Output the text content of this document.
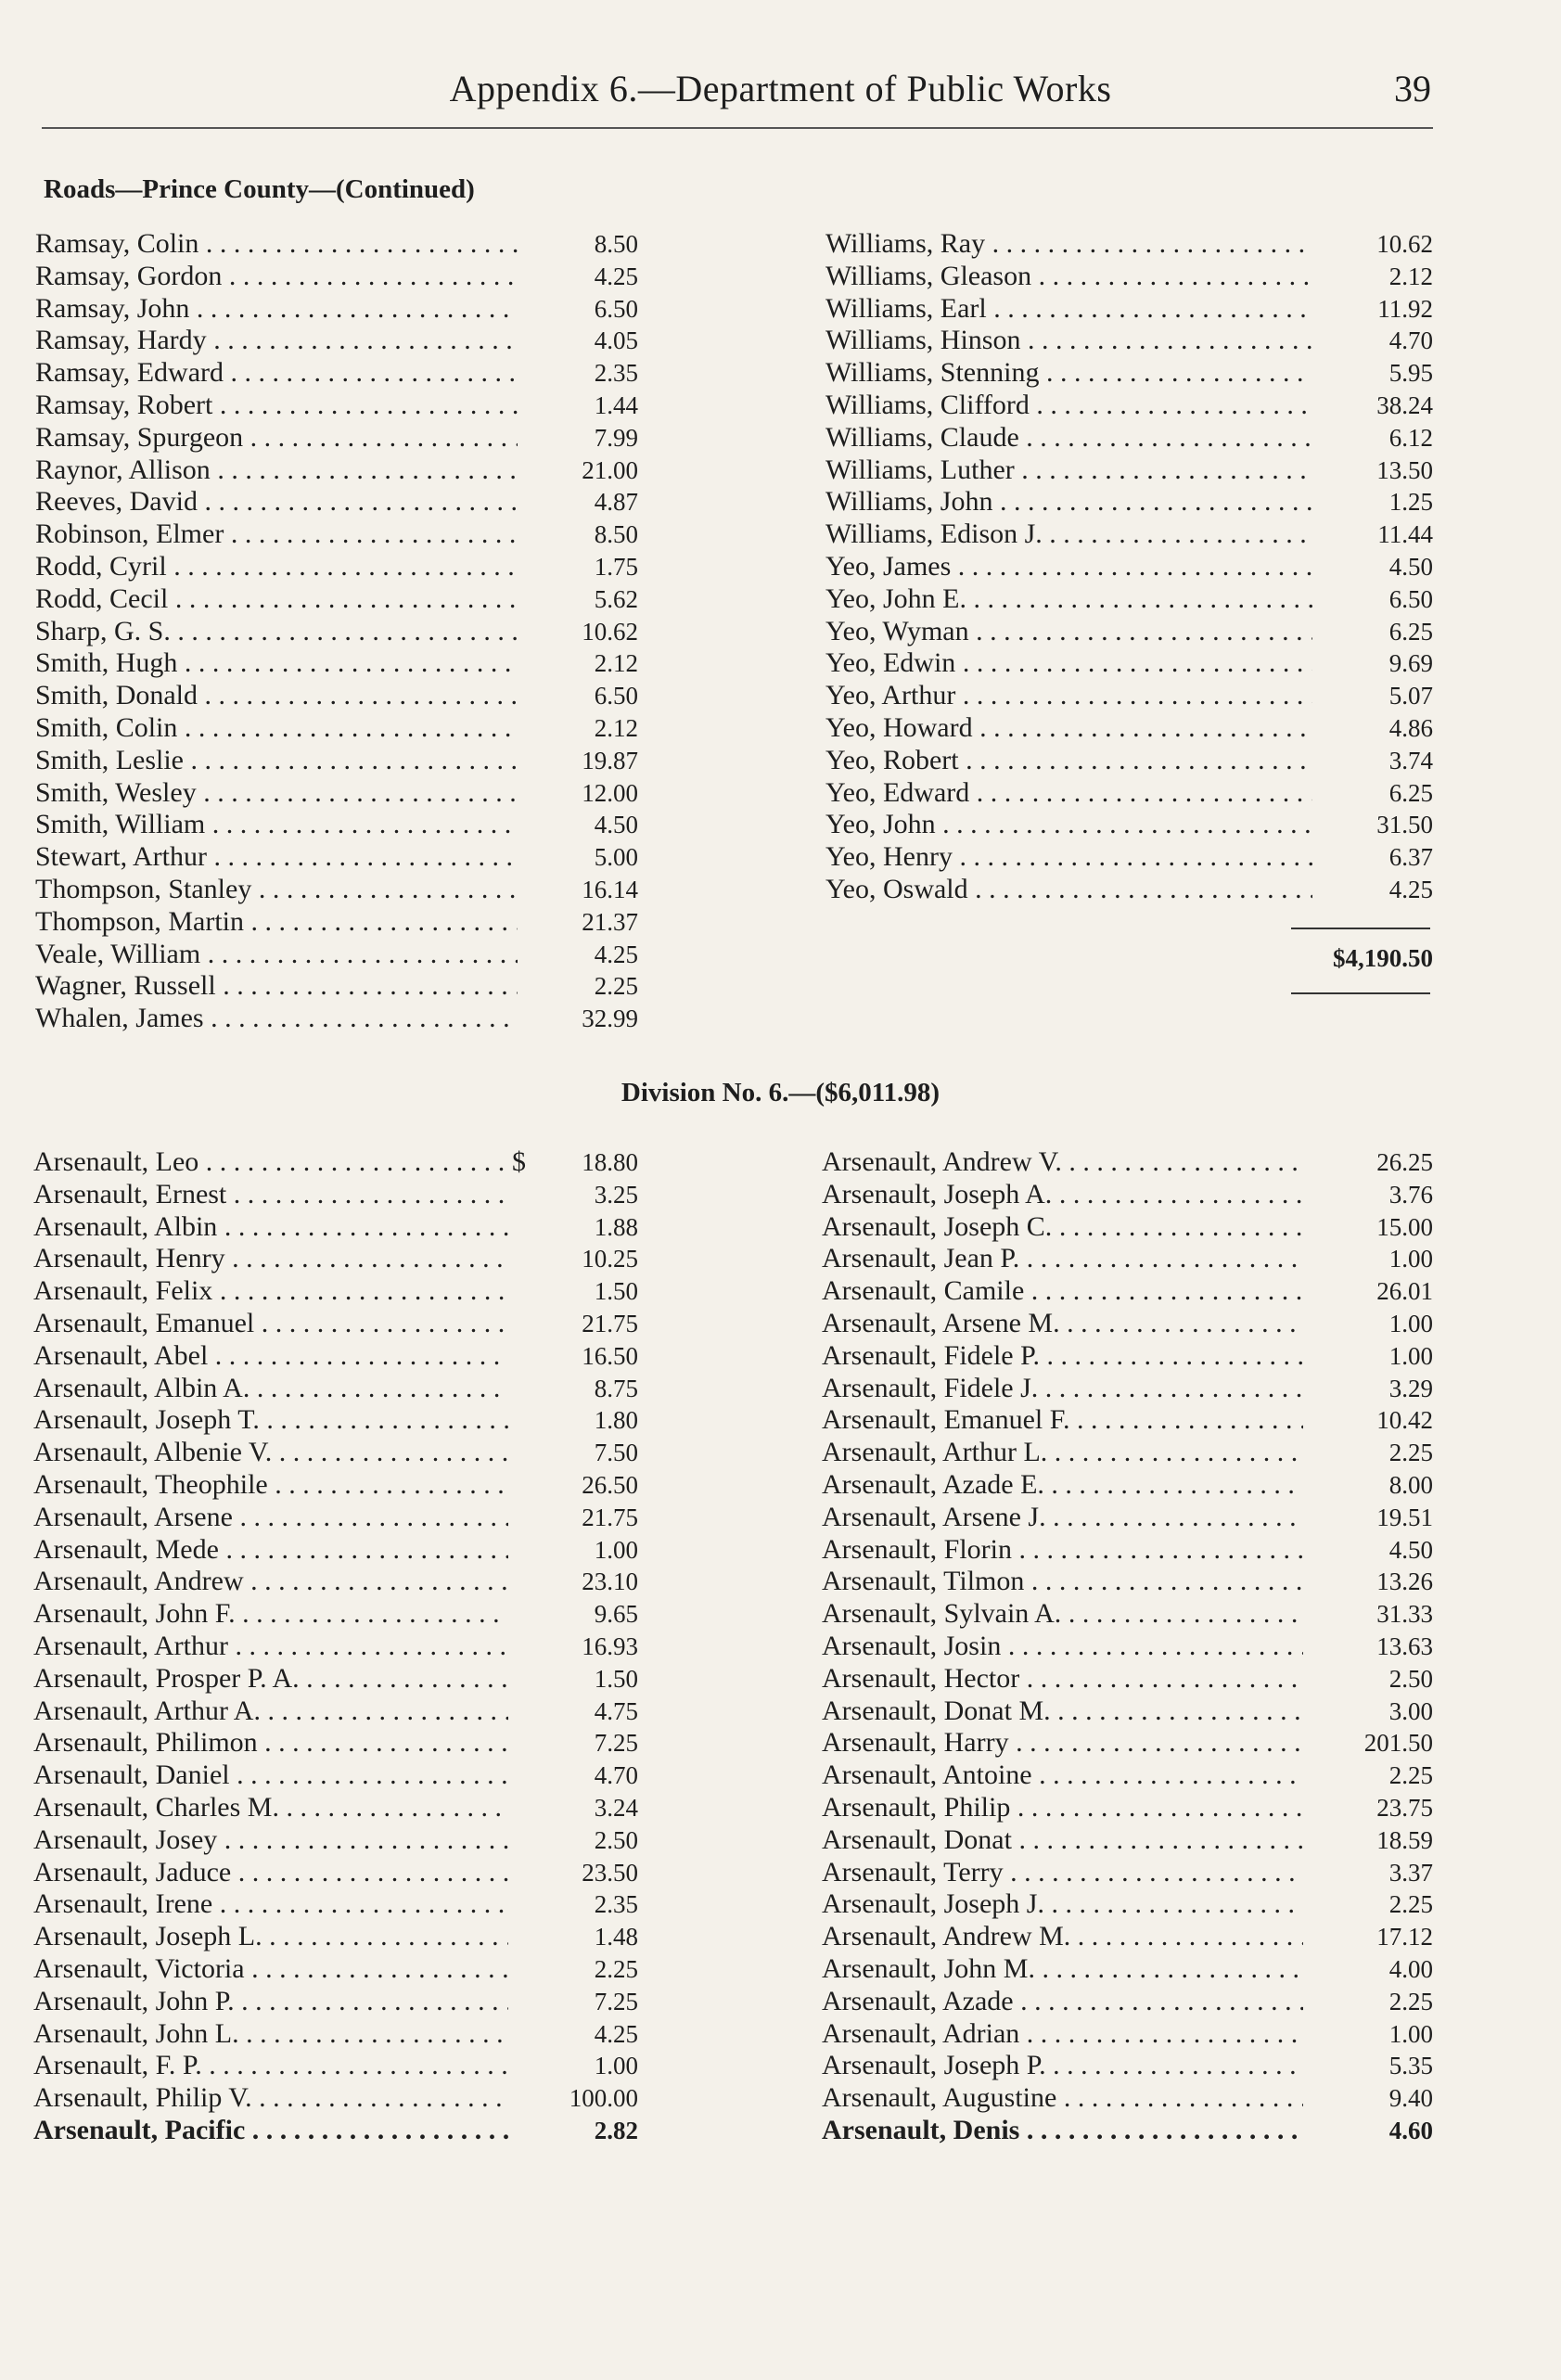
Appendix 6.—Department of Public Works	39
Roads—Prince County—(Continued)
Ramsay, Colin . . .	8.50
Ramsay, Gordon . . .	4.25
Ramsay, John . . .	6.50
Ramsay, Hardy . . .	4.05
Ramsay, Edward . . .	2.35
Ramsay, Robert . . .	1.44
Ramsay, Spurgeon . . .	7.99
Raynor, Allison . . .	21.00
Reeves, David . . .	4.87
Robinson, Elmer . . .	8.50
Rodd, Cyril . . .	1.75
Rodd, Cecil . . .	5.62
Sharp, G. S. . . .	10.62
Smith, Hugh . . .	2.12
Smith, Donald . . .	6.50
Smith, Colin . . .	2.12
Smith, Leslie . . .	19.87
Smith, Wesley . . .	12.00
Smith, William . . .	4.50
Stewart, Arthur . . .	5.00
Thompson, Stanley . . .	16.14
Thompson, Martin . . .	21.37
Veale, William . . .	4.25
Wagner, Russell . . .	2.25
Whalen, James . . .	32.99
Williams, Ray . . .	10.62
Williams, Gleason . . .	2.12
Williams, Earl . . .	11.92
Williams, Hinson . . .	4.70
Williams, Stenning . . .	5.95
Williams, Clifford . . .	38.24
Williams, Claude . . .	6.12
Williams, Luther . . .	13.50
Williams, John . . .	1.25
Williams, Edison J. . . .	11.44
Yeo, James . . .	4.50
Yeo, John E. . . .	6.50
Yeo, Wyman . . .	6.25
Yeo, Edwin . . .	9.69
Yeo, Arthur . . .	5.07
Yeo, Howard . . .	4.86
Yeo, Robert . . .	3.74
Yeo, Edward . . .	6.25
Yeo, John . . .	31.50
Yeo, Henry . . .	6.37
Yeo, Oswald . . .	4.25
$4,190.50
Division No. 6.—($6,011.98)
$
Arsenault, Leo . . .	18.80
Arsenault, Ernest . . .	3.25
Arsenault, Albin . . .	1.88
Arsenault, Henry . . .	10.25
Arsenault, Felix . . .	1.50
Arsenault, Emanuel . . .	21.75
Arsenault, Abel . . .	16.50
Arsenault, Albin A. . . .	8.75
Arsenault, Joseph T. . . .	1.80
Arsenault, Albenie V. . . .	7.50
Arsenault, Theophile . . .	26.50
Arsenault, Arsene . . .	21.75
Arsenault, Mede . . .	1.00
Arsenault, Andrew . . .	23.10
Arsenault, John F. . . .	9.65
Arsenault, Arthur . . .	16.93
Arsenault, Prosper P. A. . . .	1.50
Arsenault, Arthur A. . . .	4.75
Arsenault, Philimon . . .	7.25
Arsenault, Daniel . . .	4.70
Arsenault, Charles M. . . .	3.24
Arsenault, Josey . . .	2.50
Arsenault, Jaduce . . .	23.50
Arsenault, Irene . . .	2.35
Arsenault, Joseph L. . . .	1.48
Arsenault, Victoria . . .	2.25
Arsenault, John P. . . .	7.25
Arsenault, John L. . . .	4.25
Arsenault, F. P. . . .	1.00
Arsenault, Philip V. . . .	100.00
Arsenault, Pacific . . .	2.82
Arsenault, Andrew V. . . .	26.25
Arsenault, Joseph A. . . .	3.76
Arsenault, Joseph C. . . .	15.00
Arsenault, Jean P. . . .	1.00
Arsenault, Camile . . .	26.01
Arsenault, Arsene M. . . .	1.00
Arsenault, Fidele P. . . .	1.00
Arsenault, Fidele J. . . .	3.29
Arsenault, Emanuel F. . . .	10.42
Arsenault, Arthur L. . . .	2.25
Arsenault, Azade E. . . .	8.00
Arsenault, Arsene J. . . .	19.51
Arsenault, Florin . . .	4.50
Arsenault, Tilmon . . .	13.26
Arsenault, Sylvain A. . . .	31.33
Arsenault, Josin . . .	13.63
Arsenault, Hector . . .	2.50
Arsenault, Donat M. . . .	3.00
Arsenault, Harry . . .	201.50
Arsenault, Antoine . . .	2.25
Arsenault, Philip . . .	23.75
Arsenault, Donat . . .	18.59
Arsenault, Terry . . .	3.37
Arsenault, Joseph J. . . .	2.25
Arsenault, Andrew M. . . .	17.12
Arsenault, John M. . . .	4.00
Arsenault, Azade . . .	2.25
Arsenault, Adrian . . .	1.00
Arsenault, Joseph P. . . .	5.35
Arsenault, Augustine . . .	9.40
Arsenault, Denis . . .	4.60
